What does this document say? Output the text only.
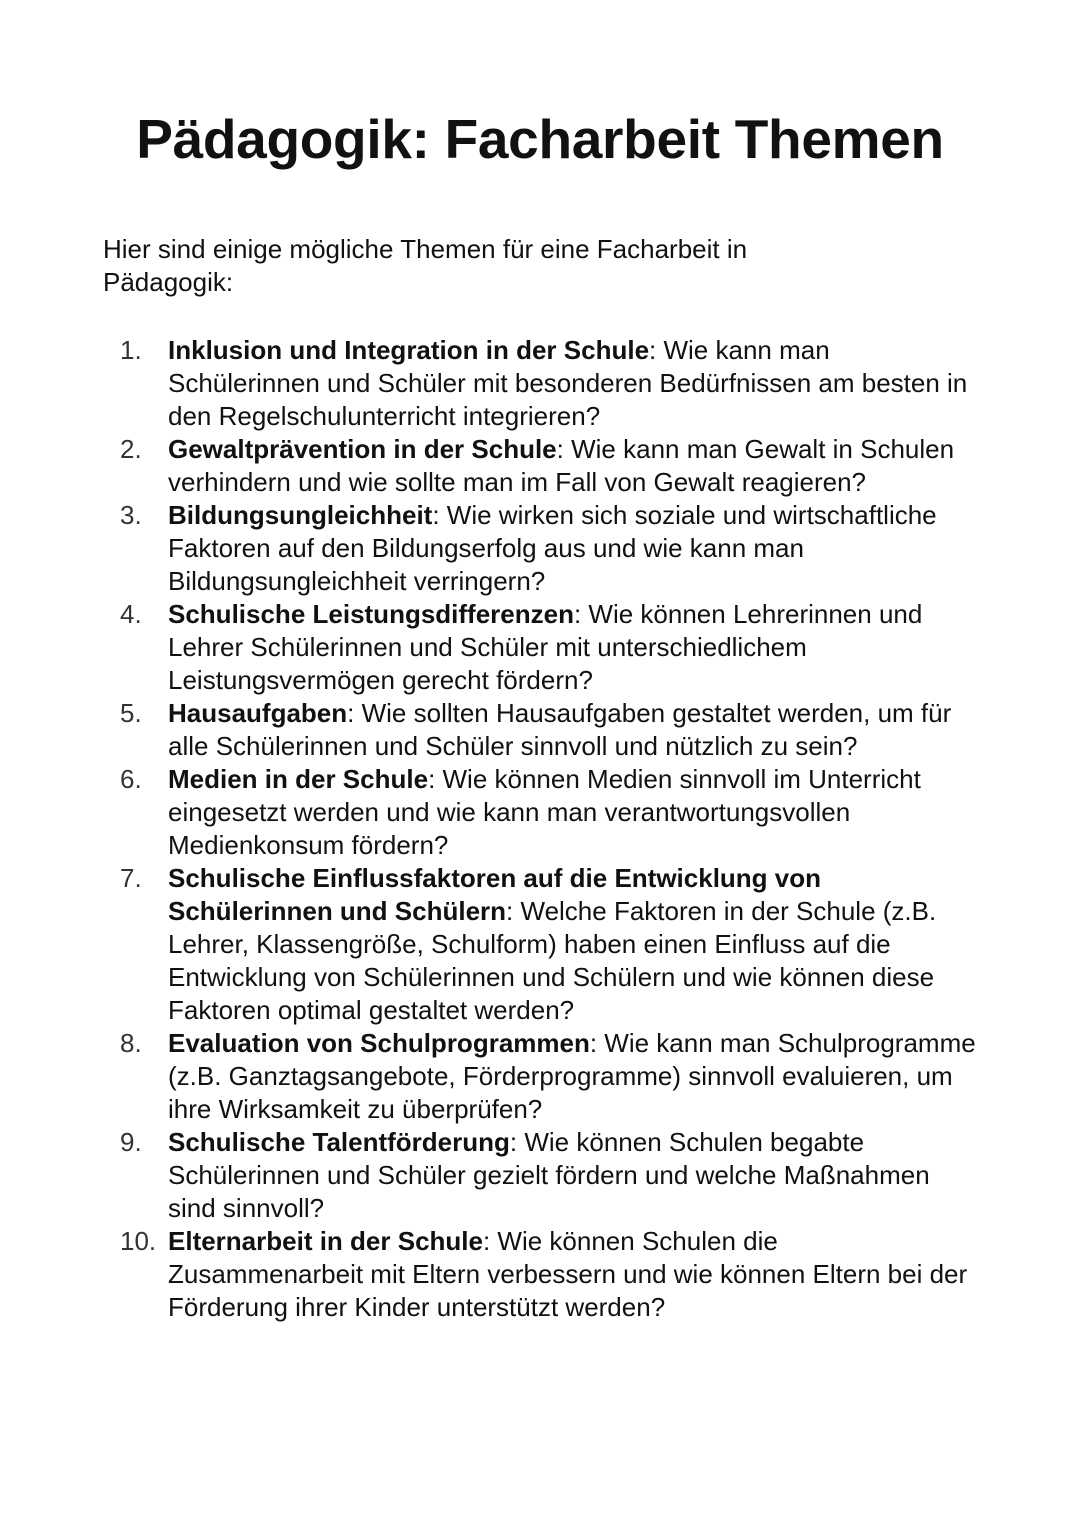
Pädagogik: Facharbeit Themen

Hier sind einige mögliche Themen für eine Facharbeit in Pädagogik:

1.	Inklusion und Integration in der Schule: Wie kann man Schülerinnen und Schüler mit besonderen Bedürfnissen am besten in den Regelschulunterricht integrieren?
2.	Gewaltprävention in der Schule: Wie kann man Gewalt in Schulen verhindern und wie sollte man im Fall von Gewalt reagieren?
3.	Bildungsungleichheit: Wie wirken sich soziale und wirtschaftliche Faktoren auf den Bildungserfolg aus und wie kann man Bildungsungleichheit verringern?
4.	Schulische Leistungsdifferenzen: Wie können Lehrerinnen und Lehrer Schülerinnen und Schüler mit unterschiedlichem Leistungsvermögen gerecht fördern?
5.	Hausaufgaben: Wie sollten Hausaufgaben gestaltet werden, um für alle Schülerinnen und Schüler sinnvoll und nützlich zu sein?
6.	Medien in der Schule: Wie können Medien sinnvoll im Unterricht eingesetzt werden und wie kann man verantwortungsvollen Medienkonsum fördern?
7.	Schulische Einflussfaktoren auf die Entwicklung von Schülerinnen und Schülern: Welche Faktoren in der Schule (z.B. Lehrer, Klassengröße, Schulform) haben einen Einfluss auf die Entwicklung von Schülerinnen und Schülern und wie können diese Faktoren optimal gestaltet werden?
8.	Evaluation von Schulprogrammen: Wie kann man Schulprogramme (z.B. Ganztagsangebote, Förderprogramme) sinnvoll evaluieren, um ihre Wirksamkeit zu überprüfen?
9.	Schulische Talentförderung: Wie können Schulen begabte Schülerinnen und Schüler gezielt fördern und welche Maßnahmen sind sinnvoll?
10. Elternarbeit in der Schule: Wie können Schulen die Zusammenarbeit mit Eltern verbessern und wie können Eltern bei der Förderung ihrer Kinder unterstützt werden?
